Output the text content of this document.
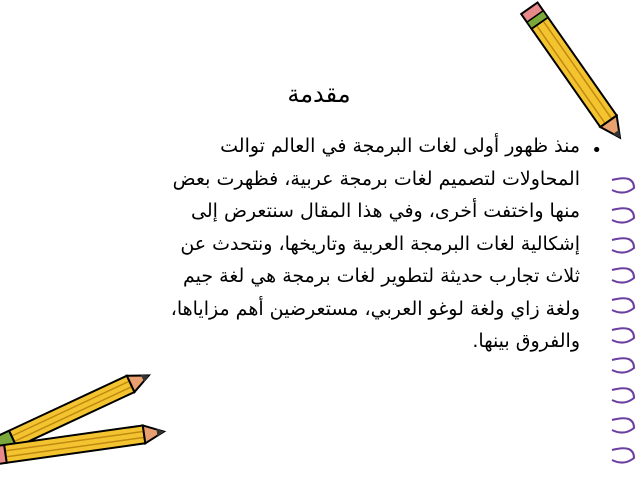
مقدمة
•
منذ ظهور أولى لغات البرمجة في العالم توالت
المحاولات لتصميم لغات برمجة عربية، فظهرت بعض
منها واختفت أخرى، وفي هذا المقال سنتعرض إلى
إشكالية لغات البرمجة العربية وتاريخها، ونتحدث عن
ثلاث تجارب حديثة لتطوير لغات برمجة هي لغة جيم
ولغة زاي ولغة لوغو العربي، مستعرضين أهم مزاياها،
والفروق بينها.
